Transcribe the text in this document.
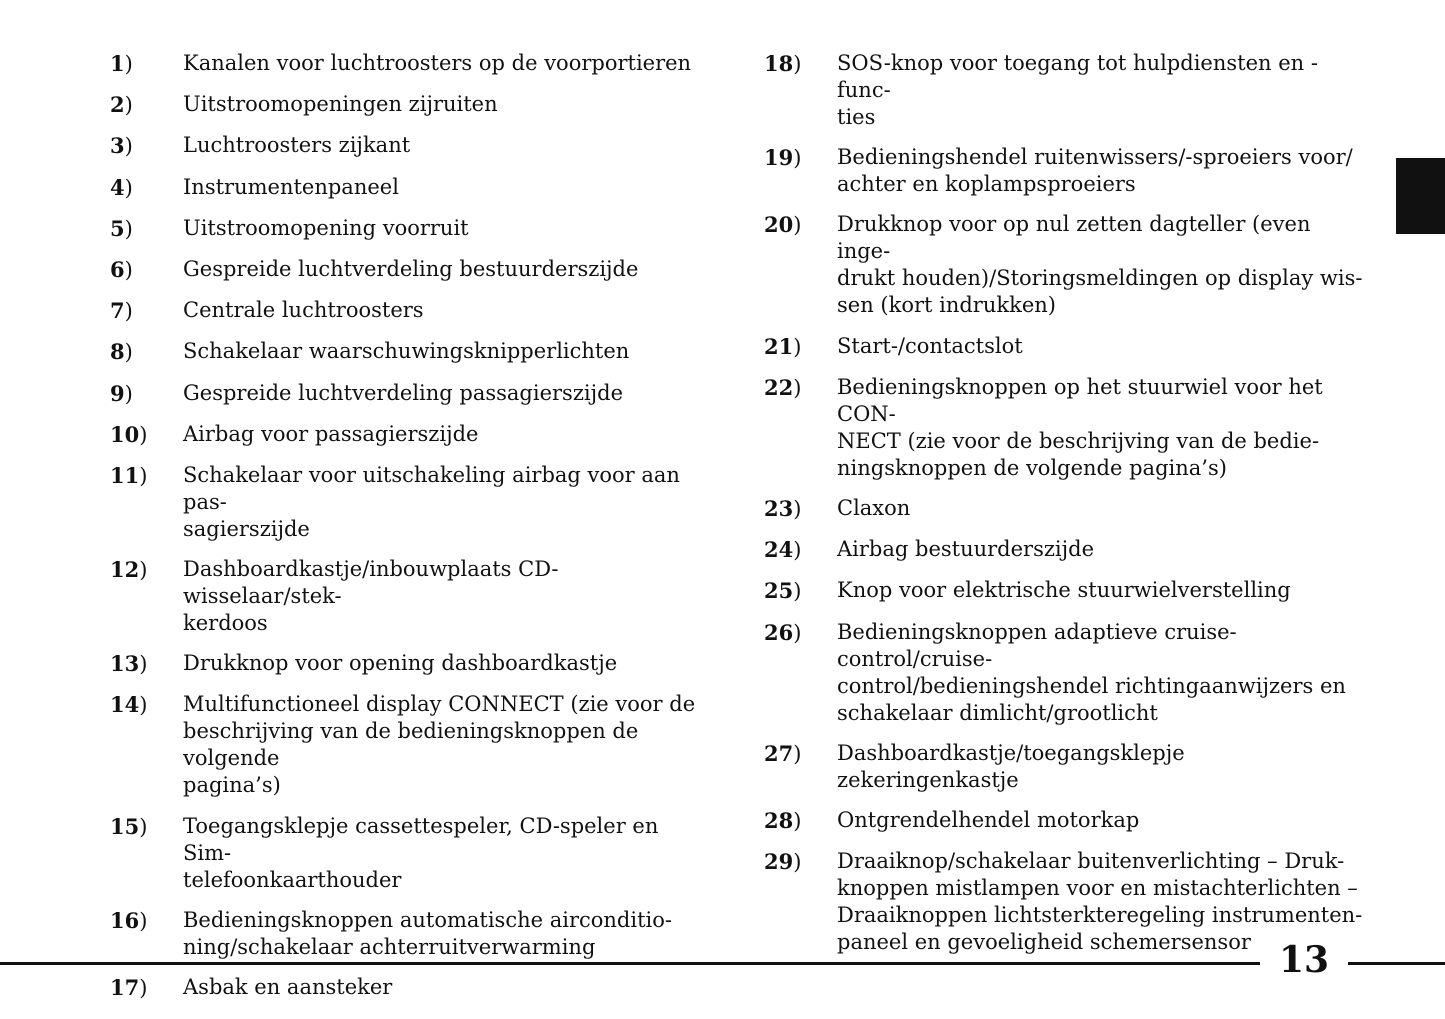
1)	Kanalen voor luchtroosters op de voorportieren
2)	Uitstroomopeningen zijruiten
3)	Luchtroosters zijkant
4)	Instrumentenpaneel
5)	Uitstroomopening voorruit
6)	Gespreide luchtverdeling bestuurderszijde
7)	Centrale luchtroosters
8)	Schakelaar waarschuwingsknipperlichten
9)	Gespreide luchtverdeling passagierszijde
10)	Airbag voor passagierszijde
11)	Schakelaar voor uitschakeling airbag voor aan pas-
sagierszijde
12)	Dashboardkastje/inbouwplaats CD-wisselaar/stek-
kerdoos
13)	Drukknop voor opening dashboardkastje
14)	Multifunctioneel display CONNECT (zie voor de
beschrijving van de bedieningsknoppen de volgende
pagina’s)
15)	Toegangsklepje cassettespeler, CD-speler en Sim-
telefoonkaarthouder
16)	Bedieningsknoppen automatische airconditio-
ning/schakelaar achterruitverwarming
17)	Asbak en aansteker
18)	SOS-knop voor toegang tot hulpdiensten en -func-
ties
19)	Bedieningshendel ruitenwissers/-sproeiers voor/
achter en koplampsproeiers
20)	Drukknop voor op nul zetten dagteller (even inge-
drukt houden)/Storingsmeldingen op display wis-
sen (kort indrukken)
21)	Start-/contactslot
22)	Bedieningsknoppen op het stuurwiel voor het CON-
NECT (zie voor de beschrijving van de bedie-
ningsknoppen de volgende pagina’s)
23)	Claxon
24)	Airbag bestuurderszijde
25)	Knop voor elektrische stuurwielverstelling
26)	Bedieningsknoppen adaptieve cruise-control/cruise-
control/bedieningshendel richtingaanwijzers en
schakelaar dimlicht/grootlicht
27)	Dashboardkastje/toegangsklepje zekeringenkastje
28)	Ontgrendelhendel motorkap
29)	Draaiknop/schakelaar buitenverlichting – Druk-
knoppen mistlampen voor en mistachterlichten –
Draaiknoppen lichtsterkteregeling instrumenten-
paneel en gevoeligheid schemersensor 13
